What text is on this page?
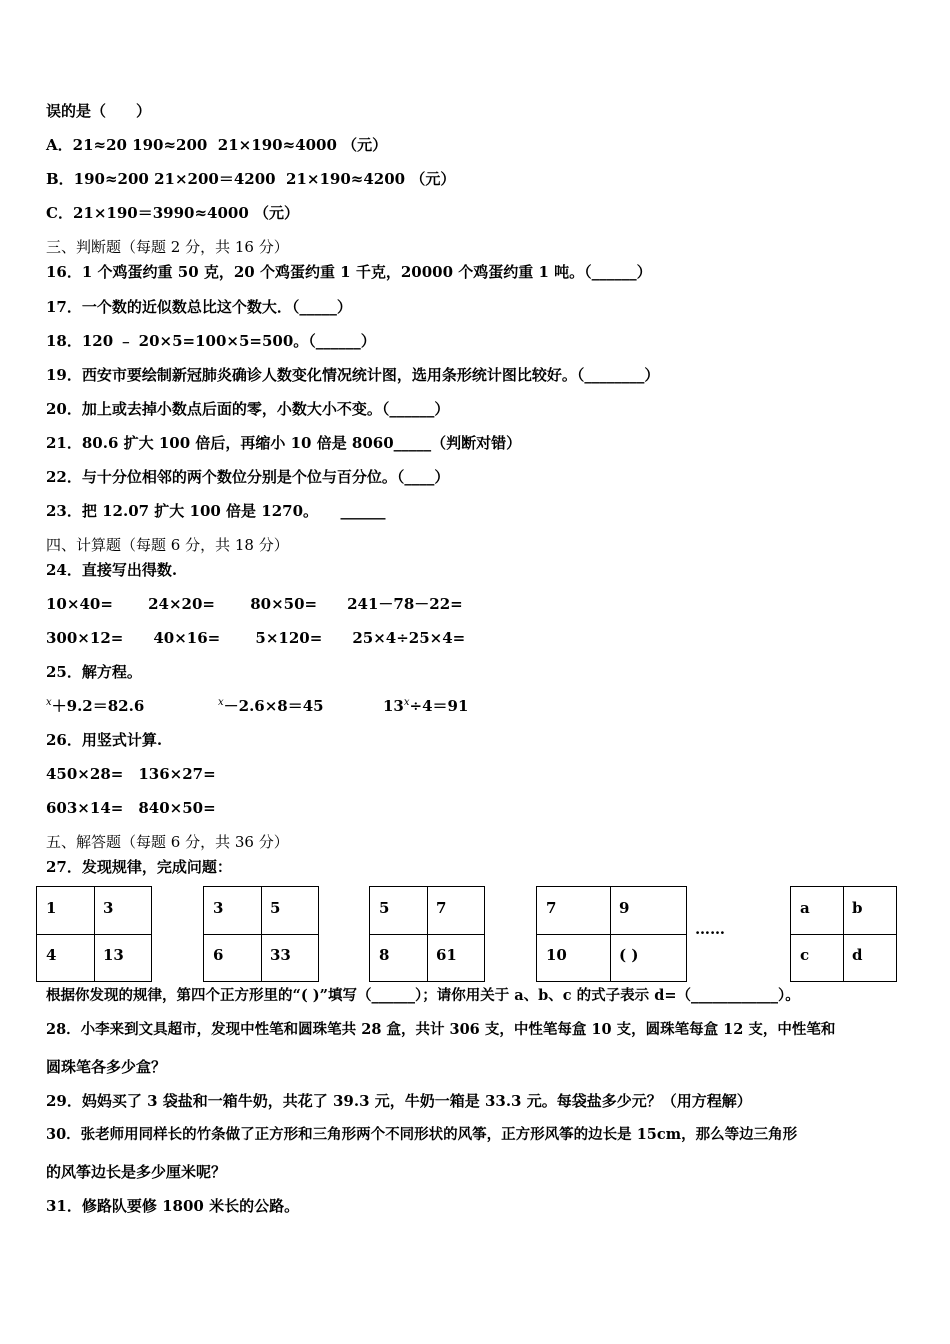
误的是（　　）
A．21≈20 190≈200  21×190≈4000 （元）
B．190≈200 21×200＝4200  21×190≈4200 （元）
C．21×190＝3990≈4000 （元）
三、判断题（每题 2 分，共 16 分）
16．1 个鸡蛋约重 50 克，20 个鸡蛋约重 1 千克，20000 个鸡蛋约重 1 吨。（______）
17．一个数的近似数总比这个数大．（_____）
18．120 ﹣ 20×5=100×5=500。（______）
19．西安市要绘制新冠肺炎确诊人数变化情况统计图，选用条形统计图比较好。（________）
20．加上或去掉小数点后面的零，小数大小不变。（______）
21．80.6 扩大 100 倍后，再缩小 10 倍是 8060_____（判断对错）
22．与十分位相邻的两个数位分别是个位与百分位。（____）
23．把 12.07 扩大 100 倍是 1270。　　______
四、计算题（每题 6 分，共 18 分）
24．直接写出得数.
10×40=　　 24×20=　　 80×50=　　241－78－22=
300×12=　　40×16=　　 5×120=　　25×4÷25×4=
25．解方程。
$^x$＋9.2＝82.6	$^x$－2.6×8＝45	$13^x\div 4=91$
26．用竖式计算.
450×28=　136×27=
603×14=　840×50=
五、解答题（每题 6 分，共 36 分）
27．发现规律，完成问题：
1	3
4	13
3	5
6	33
5	7
8	61
7	9
10	( )
……
a	b
c	d
根据你发现的规律，第四个正方形里的“( )”填写（______）；请你用关于 a、b、c 的式子表示 d=（____________）。
28．小李来到文具超市，发现中性笔和圆珠笔共 28 盒，共计 306 支，中性笔每盒 10 支，圆珠笔每盒 12 支，中性笔和
圆珠笔各多少盒？
29．妈妈买了 3 袋盐和一箱牛奶，共花了 39.3 元，牛奶一箱是 33.3 元。每袋盐多少元？（用方程解）
30．张老师用同样长的竹条做了正方形和三角形两个不同形状的风筝，正方形风筝的边长是 15cm，那么等边三角形
的风筝边长是多少厘米呢？
31．修路队要修 1800 米长的公路。
